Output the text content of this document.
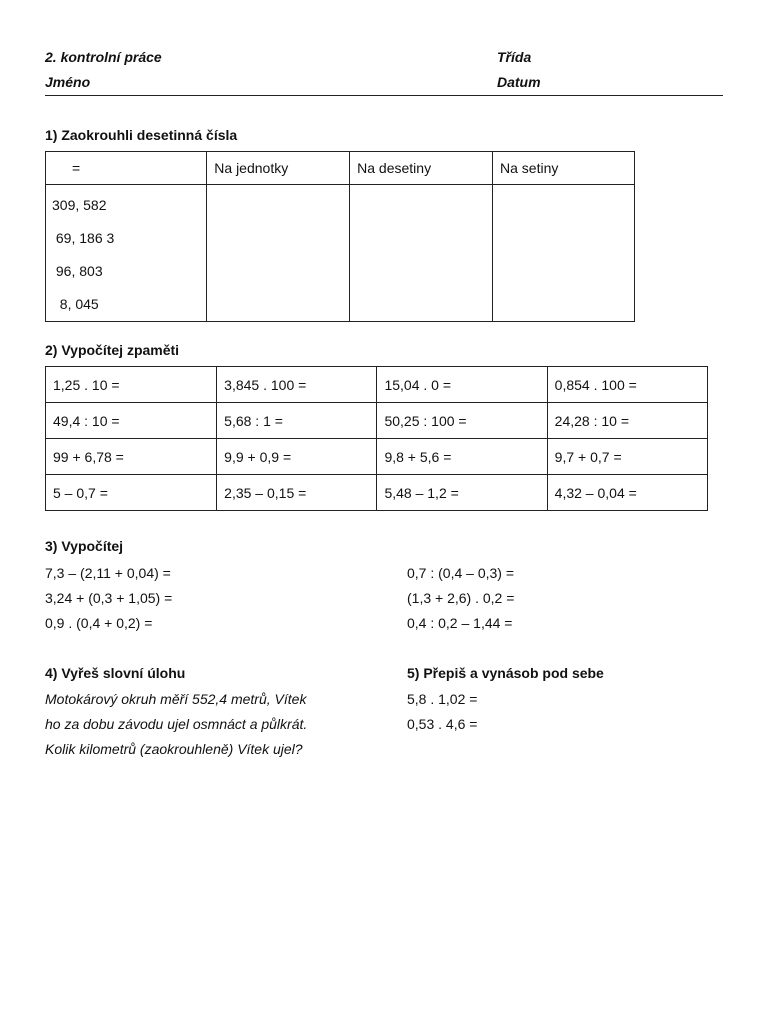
2. kontrolní práce	Třída
Jméno	Datum
1) Zaokrouhli desetinná čísla
=	Na jednotky	Na desetiny	Na setiny

309, 582
69, 186 3
96, 803
8, 045			

2) Vypočítej zpaměti
1,25 . 10 =	3,845 . 100 =	15,04 . 0 =	0,854 . 100 =
49,4 : 10 =	5,68 : 1 =	50,25 : 100 =	24,28 : 10 =
99 + 6,78 =	9,9 + 0,9 =	9,8 + 5,6 =	9,7 + 0,7 =
5 – 0,7 =	2,35 – 0,15 =	5,48 – 1,2 =	4,32 – 0,04 =
3) Vypočítej
7,3 – (2,11 + 0,04) =
3,24 + (0,3 + 1,05) =
0,9 . (0,4 + 0,2) =
0,7 : (0,4 – 0,3) =
(1,3 + 2,6) . 0,2 =
0,4 : 0,2 – 1,44 =
4) Vyřeš slovní úlohu
Motokárový okruh měří 552,4 metrů, Vítek
ho za dobu závodu ujel osmnáct a půlkrát.
Kolik kilometrů (zaokrouhleně) Vítek ujel?
5) Přepiš a vynásob pod sebe
5,8 . 1,02 =
0,53 . 4,6 =
